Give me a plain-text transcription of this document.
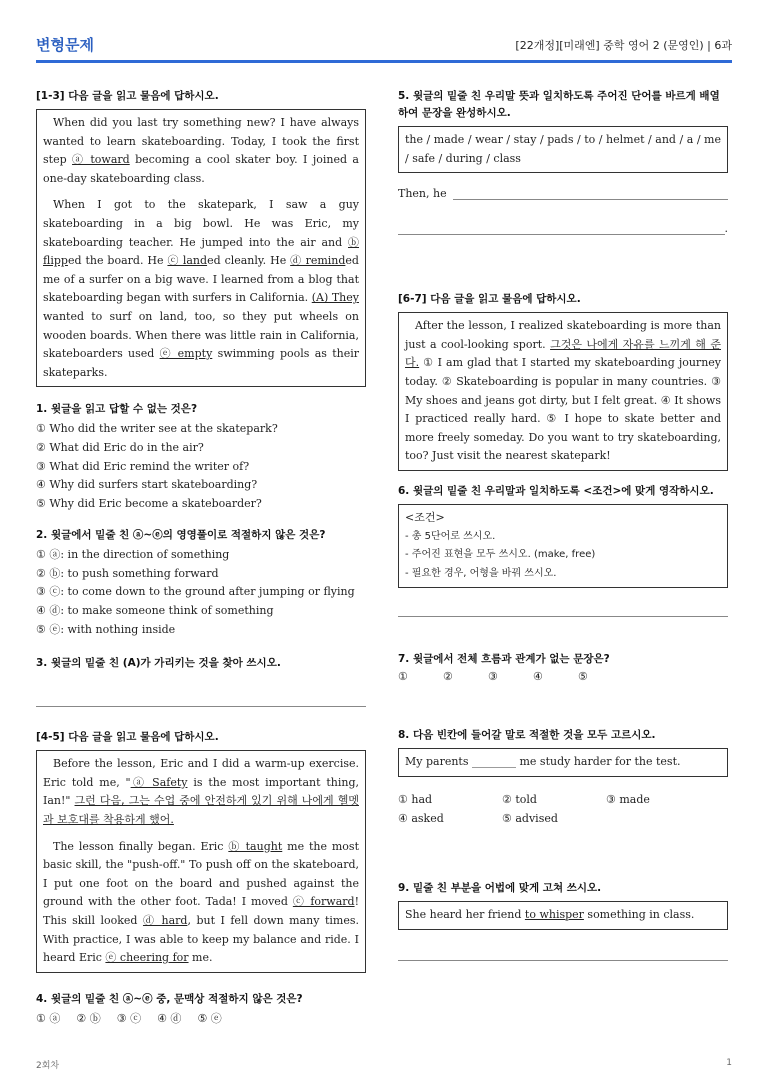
변형문제	[22개정][미래엔] 중학 영어 2 (문영인) | 6과
[1-3] 다음 글을 읽고 물음에 답하시오.

When did you last try something new? I have always wanted to learn skateboarding. Today, I took the first step ⓐ toward becoming a cool skater boy. I joined a one-day skateboarding class.

When I got to the skatepark, I saw a guy skateboarding in a big bowl. He was Eric, my skateboarding teacher. He jumped into the air and ⓑ flipped the board. He ⓒ landed cleanly. He ⓓ reminded me of a surfer on a big wave. I learned from a blog that skateboarding began with surfers in California. (A) They wanted to surf on land, too, so they put wheels on wooden boards. When there was little rain in California, skateboarders used ⓔ empty swimming pools as their skateparks.

1. 윗글을 읽고 답할 수 없는 것은?
① Who did the writer see at the skatepark?
② What did Eric do in the air?
③ What did Eric remind the writer of?
④ Why did surfers start skateboarding?
⑤ Why did Eric become a skateboarder?
2. 윗글에서 밑줄 친 ⓐ~ⓔ의 영영풀이로 적절하지 않은 것은?
① ⓐ: in the direction of something
② ⓑ: to push something forward
③ ⓒ: to come down to the ground after jumping or flying
④ ⓓ: to make someone think of something
⑤ ⓔ: with nothing inside
3. 윗글의 밑줄 친 (A)가 가리키는 것을 찾아 쓰시오.
[4-5] 다음 글을 읽고 물음에 답하시오.

Before the lesson, Eric and I did a warm-up exercise. Eric told me, "ⓐ Safety is the most important thing, Ian!" 그런 다음, 그는 수업 중에 안전하게 있기 위해 나에게 헬멧과 보호대를 착용하게 했어.

The lesson finally began. Eric ⓑ taught me the most basic skill, the "push-off." To push off on the skateboard, I put one foot on the board and pushed against the ground with the other foot. Tada! I moved ⓒ forward! This skill looked ⓓ hard, but I fell down many times. With practice, I was able to keep my balance and ride. I heard Eric ⓔ cheering for me.

4. 윗글의 밑줄 친 ⓐ~ⓔ 중, 문맥상 적절하지 않은 것은?
① ⓐ ② ⓑ ③ ⓒ ④ ⓓ ⑤ ⓔ
5. 윗글의 밑줄 친 우리말 뜻과 일치하도록 주어진 단어를 바르게 배열하여 문장을 완성하시오.
the / made / wear / stay / pads / to / helmet / and / a / me / safe / during / class
Then, he
.
[6-7] 다음 글을 읽고 물음에 답하시오.

After the lesson, I realized skateboarding is more than just a cool-looking sport. 그것은 나에게 자유를 느끼게 해 준다. ① I am glad that I started my skateboarding journey today. ② Skateboarding is popular in many countries. ③ My shoes and jeans got dirty, but I felt great. ④ It shows I practiced really hard. ⑤ I hope to skate better and more freely someday. Do you want to try skateboarding, too? Just visit the nearest skatepark!

6. 윗글의 밑줄 친 우리말과 일치하도록 <조건>에 맞게 영작하시오.
<조건>
- 총 5단어로 쓰시오.
- 주어진 표현을 모두 쓰시오. (make, free)
- 필요한 경우, 어형을 바꿔 쓰시오.
7. 윗글에서 전체 흐름과 관계가 없는 문장은?
①	②	③	④	⑤
8. 다음 빈칸에 들어갈 말로 적절한 것을 모두 고르시오.
My parents ________ me study harder for the test.
① had	② told	③ made
④ asked	⑤ advised
9. 밑줄 친 부분을 어법에 맞게 고쳐 쓰시오.
She heard her friend to whisper something in class.
2회차	1
